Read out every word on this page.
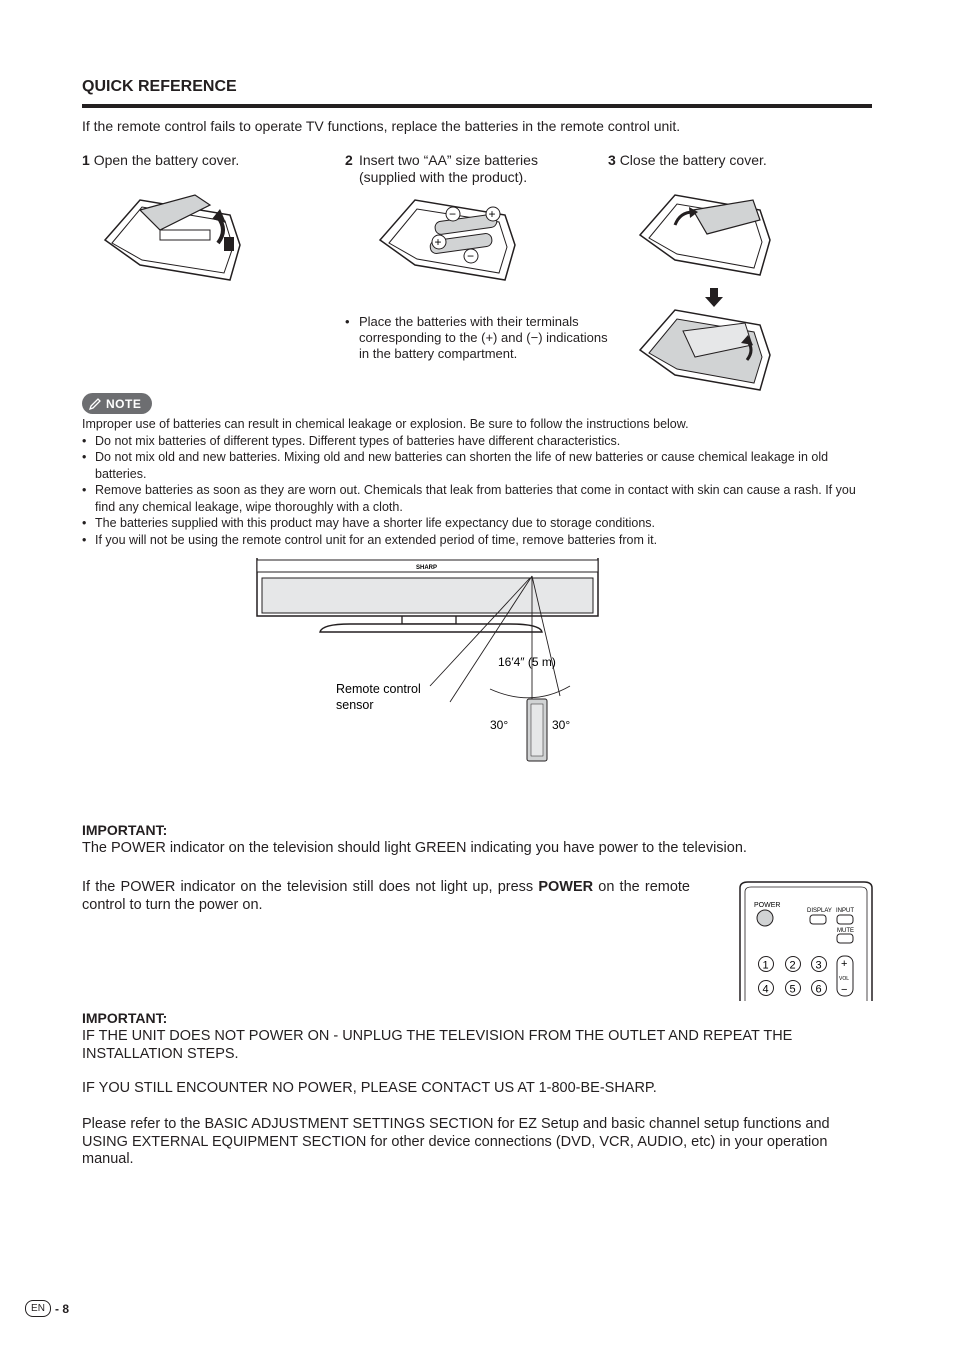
QUICK REFERENCE
If the remote control fails to operate TV functions, replace the batteries in the remote control unit.
1 Open the battery cover.	2 Insert two “AA” size batteries (supplied with the product).
3 Close the battery cover.
−	+
+
−
• Place the batteries with their terminals corresponding to the (+) and (−) indications in the battery compartment.
NOTE
Improper use of batteries can result in chemical leakage or explosion. Be sure to follow the instructions below.
• Do not mix batteries of different types. Different types of batteries have different characteristics.
• Do not mix old and new batteries. Mixing old and new batteries can shorten the life of new batteries or cause chemical leakage in old batteries.
• Remove batteries as soon as they are worn out. Chemicals that leak from batteries that come in contact with skin can cause a rash. If you find any chemical leakage, wipe thoroughly with a cloth.
• The batteries supplied with this product may have a shorter life expectancy due to storage conditions.
• If you will not be using the remote control unit for an extended period of time, remove batteries from it.
SHARP
16′4″ (5 m)
Remote control
sensor
30°	30°
IMPORTANT:
The POWER indicator on the television should light GREEN indicating you have power to the television.
If the POWER indicator on the television still does not light up, press POWER on the remote control to turn the power on.	POWER
DISPLAY INPUT
MUTE
1 2 3
4 5 6
+
VOL
−
IMPORTANT:
IF THE UNIT DOES NOT POWER ON - UNPLUG THE TELEVISION FROM THE OUTLET AND REPEAT THE INSTALLATION STEPS.
IF YOU STILL ENCOUNTER NO POWER, PLEASE CONTACT US AT 1-800-BE-SHARP.
Please refer to the BASIC ADJUSTMENT SETTINGS SECTION for EZ Setup and basic channel setup functions and USING EXTERNAL EQUIPMENT SECTION for other device connections (DVD, VCR, AUDIO, etc) in your operation manual.
EN - 8
